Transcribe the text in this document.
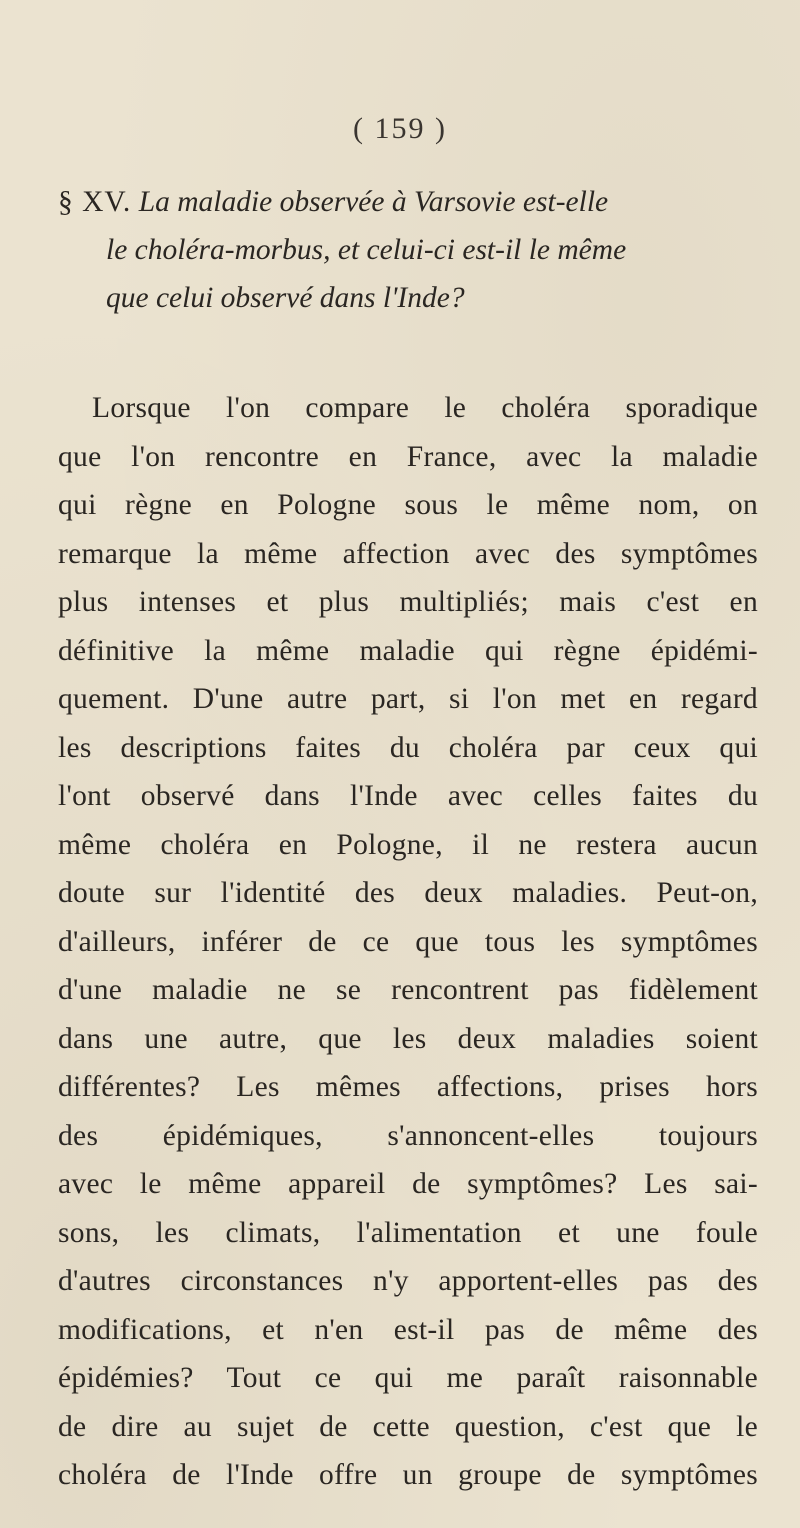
( 159 )
§ XV. La maladie observée à Varsovie est-elle
le choléra-morbus, et celui-ci est-il le même
que celui observé dans l'Inde?
Lorsque l'on compare le choléra sporadique
que l'on rencontre en France, avec la maladie
qui règne en Pologne sous le même nom, on
remarque la même affection avec des symptômes
plus intenses et plus multipliés; mais c'est en
définitive la même maladie qui règne épidémi-
quement. D'une autre part, si l'on met en regard
les descriptions faites du choléra par ceux qui
l'ont observé dans l'Inde avec celles faites du
même choléra en Pologne, il ne restera aucun
doute sur l'identité des deux maladies. Peut-on,
d'ailleurs, inférer de ce que tous les symptômes
d'une maladie ne se rencontrent pas fidèlement
dans une autre, que les deux maladies soient
différentes? Les mêmes affections, prises hors
des épidémiques, s'annoncent-elles toujours
avec le même appareil de symptômes? Les sai-
sons, les climats, l'alimentation et une foule
d'autres circonstances n'y apportent-elles pas des
modifications, et n'en est-il pas de même des
épidémies? Tout ce qui me paraît raisonnable
de dire au sujet de cette question, c'est que le
choléra de l'Inde offre un groupe de symptômes
